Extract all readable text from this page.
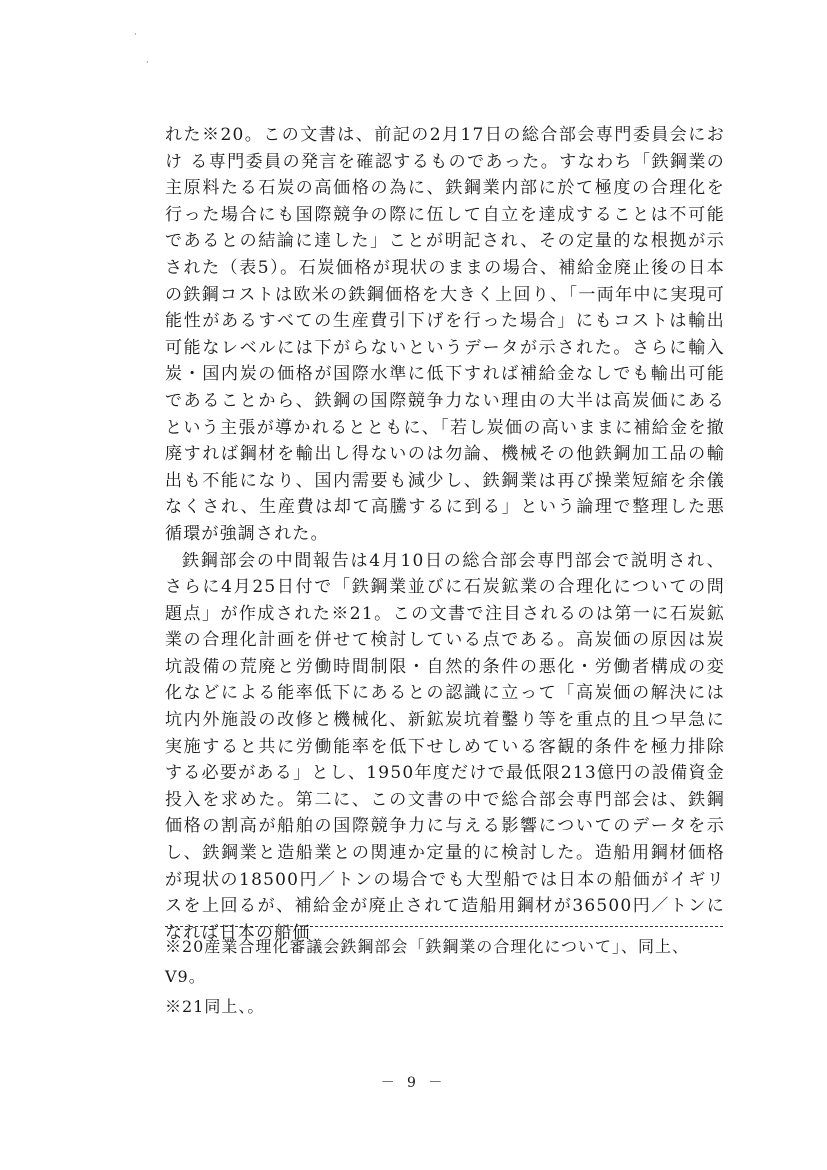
·
·

れた※20。この文書は、前記の2月17日の総合部会専門委員会におけ る専門委員の発言を確認するものであった。すなわち「鉄鋼業の主原料たる石炭の高価格の為に、鉄鋼業内部に於て極度の合理化を行った場合にも国際競争の際に伍して自立を達成することは不可能であるとの結論に達した」ことが明記され、その定量的な根拠が示された（表5）。石炭価格が現状のままの場合、補給金廃止後の日本の鉄鋼コストは欧米の鉄鋼価格を大きく上回り、「一両年中に実現可能性があるすべての生産費引下げを行った場合」にもコストは輸出可能なレベルには下がらないというデータが示された。さらに輸入炭・国内炭の価格が国際水準に低下すれば補給金なしでも輸出可能であることから、鉄鋼の国際競争力ない理由の大半は高炭価にあるという主張が導かれるとともに、「若し炭価の高いままに補給金を撤廃すれば鋼材を輸出し得ないのは勿論、機械その他鉄鋼加工品の輸出も不能になり、国内需要も減少し、鉄鋼業は再び操業短縮を余儀なくされ、生産費は却て高騰するに到る」という論理で整理した悪循環が強調された。

鉄鋼部会の中間報告は4月10日の総合部会専門部会で説明され、さらに4月25日付で「鉄鋼業並びに石炭鉱業の合理化についての問題点」が作成された※21。この文書で注目されるのは第一に石炭鉱業の合理化計画を併せて検討している点である。高炭価の原因は炭坑設備の荒廃と労働時間制限・自然的条件の悪化・労働者構成の変化などによる能率低下にあるとの認識に立って「高炭価の解決には坑内外施設の改修と機械化、新鉱炭坑着鑿り等を重点的且つ早急に実施すると共に労働能率を低下せしめている客観的条件を極力排除する必要がある」とし、1950年度だけで最低限213億円の設備資金投入を求めた。第二に、この文書の中で総合部会専門部会は、鉄鋼価格の割高が船舶の国際競争力に与える影響についてのデータを示し、鉄鋼業と造船業との関連か定量的に検討した。造船用鋼材価格が現状の18500円／トンの場合でも大型船では日本の船価がイギリスを上回るが、補給金が廃止されて造船用鋼材が36500円／トンになれば日本の船価

※20産業合理化審議会鉄鋼部会「鉄鋼業の合理化について」、同上、Ⅴ9。

※21同上、。

－ 9 －
